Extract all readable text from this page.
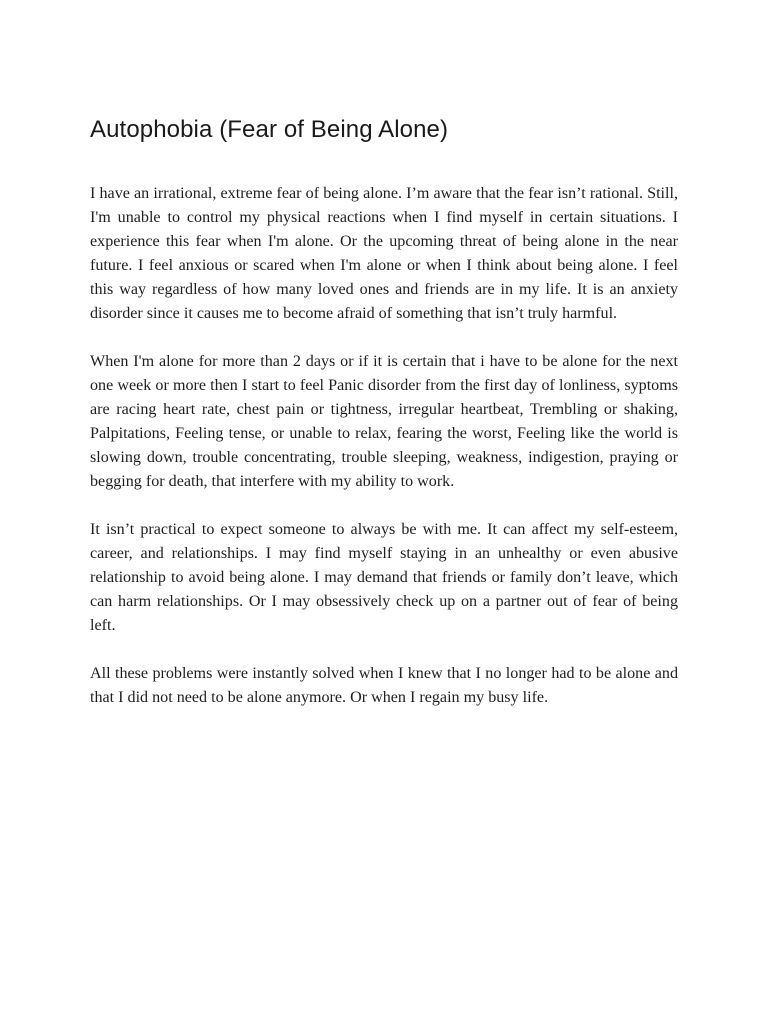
Autophobia (Fear of Being Alone)

I have an irrational, extreme fear of being alone. I’m aware that the fear isn’t rational. Still, I'm unable to control my physical reactions when I find myself in certain situations. I experience this fear when I'm alone. Or the upcoming threat of being alone in the near future. I feel anxious or scared when I'm alone or when I think about being alone. I feel this way regardless of how many loved ones and friends are in my life. It is an anxiety disorder since it causes me to become afraid of something that isn’t truly harmful.

When I'm alone for more than 2 days or if it is certain that i have to be alone for the next one week or more then I start to feel Panic disorder from the first day of lonliness, syptoms are racing heart rate, chest pain or tightness, irregular heartbeat, Trembling or shaking, Palpitations, Feeling tense, or unable to relax, fearing the worst, Feeling like the world is slowing down, trouble concentrating, trouble sleeping, weakness, indigestion, praying or begging for death, that interfere with my ability to work.

It isn’t practical to expect someone to always be with me. It can affect my self-esteem, career, and relationships. I may find myself staying in an unhealthy or even abusive relationship to avoid being alone. I may demand that friends or family don’t leave, which can harm relationships. Or I may obsessively check up on a partner out of fear of being left.

All these problems were instantly solved when I knew that I no longer had to be alone and that I did not need to be alone anymore. Or when I regain my busy life.
